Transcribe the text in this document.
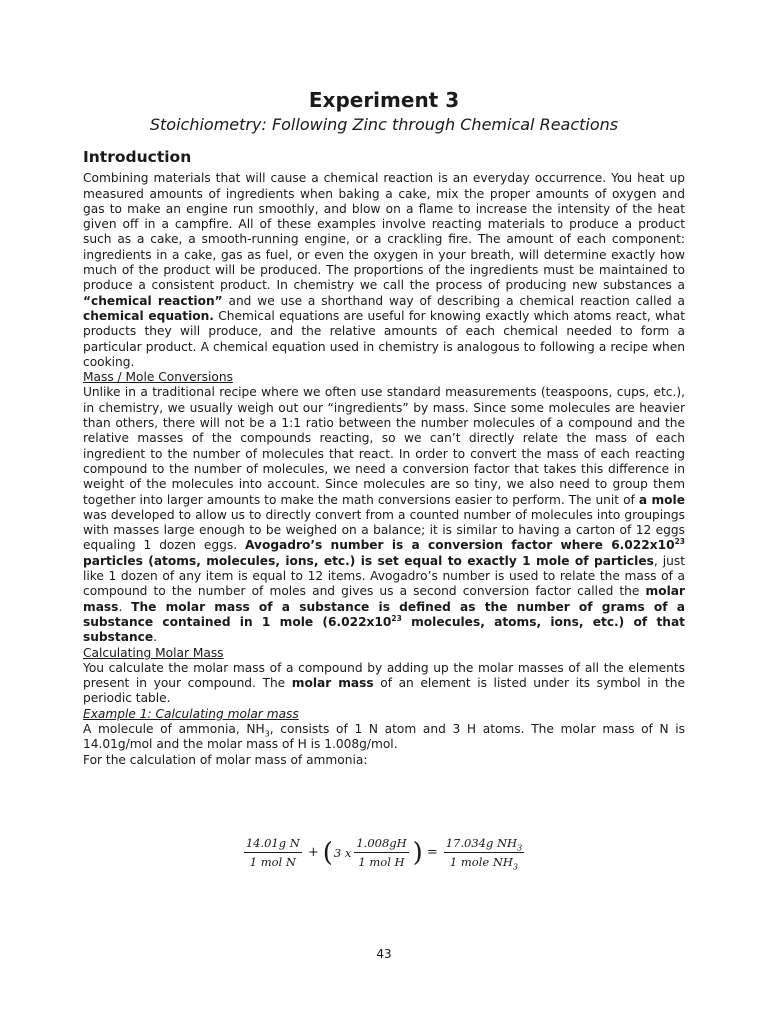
Experiment 3
Stoichiometry: Following Zinc through Chemical Reactions
Introduction

Combining materials that will cause a chemical reaction is an everyday occurrence. You heat up measured amounts of ingredients when baking a cake, mix the proper amounts of oxygen and gas to make an engine run smoothly, and blow on a flame to increase the intensity of the heat given off in a campfire. All of these examples involve reacting materials to produce a product such as a cake, a smooth-running engine, or a crackling fire. The amount of each component: ingredients in a cake, gas as fuel, or even the oxygen in your breath, will determine exactly how much of the product will be produced. The proportions of the ingredients must be maintained to produce a consistent product. In chemistry we call the process of producing new substances a “chemical reaction” and we use a shorthand way of describing a chemical reaction called a chemical equation. Chemical equations are useful for knowing exactly which atoms react, what products they will produce, and the relative amounts of each chemical needed to form a particular product. A chemical equation used in chemistry is analogous to following a recipe when cooking.

Mass / Mole Conversions

Unlike in a traditional recipe where we often use standard measurements (teaspoons, cups, etc.), in chemistry, we usually weigh out our “ingredients” by mass. Since some molecules are heavier than others, there will not be a 1:1 ratio between the number molecules of a compound and the relative masses of the compounds reacting, so we can’t directly relate the mass of each ingredient to the number of molecules that react. In order to convert the mass of each reacting compound to the number of molecules, we need a conversion factor that takes this difference in weight of the molecules into account. Since molecules are so tiny, we also need to group them together into larger amounts to make the math conversions easier to perform. The unit of a mole was developed to allow us to directly convert from a counted number of molecules into groupings with masses large enough to be weighed on a balance; it is similar to having a carton of 12 eggs equaling 1 dozen eggs. Avogadro’s number is a conversion factor where $6.022x10^{23}$ particles (atoms, molecules, ions, etc.) is set equal to exactly 1 mole of particles, just like 1 dozen of any item is equal to 12 items. Avogadro’s number is used to relate the mass of a compound to the number of moles and gives us a second conversion factor called the molar mass. The molar mass of a substance is defined as the number of grams of a substance contained in 1 mole ($6.022x10^{23}$ molecules, atoms, ions, etc.) of that substance.

Calculating Molar Mass

You calculate the molar mass of a compound by adding up the molar masses of all the elements present in your compound. The molar mass of an element is listed under its symbol in the periodic table.

Example 1: Calculating molar mass

A molecule of ammonia, $NH_3$, consists of 1 N atom and 3 H atoms. The molar mass of N is 14.01g/mol and the molar mass of H is 1.008g/mol.

For the calculation of molar mass of ammonia:

$\frac{\text{14.01g N}}{\text{1 mol N}}$ + ( 3 x $\frac{1.008gH}{\text{1 mol H}}$ ) = $\frac{17.034g NH_3}{1 mole NH_3}$
43
